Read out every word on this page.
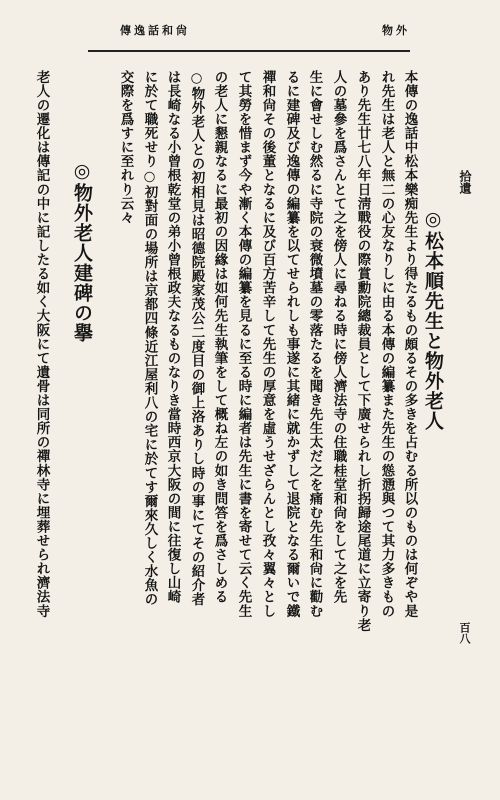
傳逸話和尙	物外
拾遺
百八
◎松本順先生と物外老人
本傳の逸話中松本樂痴先生より得たるもの頗るその多きを占むる所以のものは何ぞや是
れ先生は老人と無二の心友なりしに由る本傳の編纂また先生の慫慂與つて其力多きもの
あり先生廿七八年日淸戰役の際賞勳院總裁員として下廣せられし折拐歸途尾道に立寄り老
人の墓參を爲さんとて之を傍人に尋ねる時に傍人濟法寺の住職桂堂和尙をして之を先
生に會せしむ然るに寺院の衰微墳墓の零落たるを聞き先生太だ之を痛む先生和尙に勸む
るに建碑及び逸傳の編纂を以てせられしも事遂に其緒に就かずして退院となる爾いで鐵
禪和尙その後董となるに及び百方苦辛して先生の厚意を虛うせざらんとし孜々翼々とし
て其勞を惜まず今や漸く本傳の編纂を見るに至る時に編者は先生に書を寄せて云く先生
の老人に懇親なるに最初の因緣は如何先生執筆をして概ね左の如き問答を爲さしめる
○物外老人との初相見は昭德院殿家茂公二度目の御上洛ありし時の事にてその紹介者
は長崎なる小曾根乾堂の弟小曾根政夫なるものなりき當時西京大阪の間に往復し山崎
に於て職死せり○初對面の場所は京都四條近江屋利八の宅に於てす爾來久しく水魚の
交際を爲すに至れり云々
◎物外老人建碑の擧
老人の遷化は傳記の中に記したる如く大阪にて遺骨は同所の禪林寺に埋葬せられ濟法寺
